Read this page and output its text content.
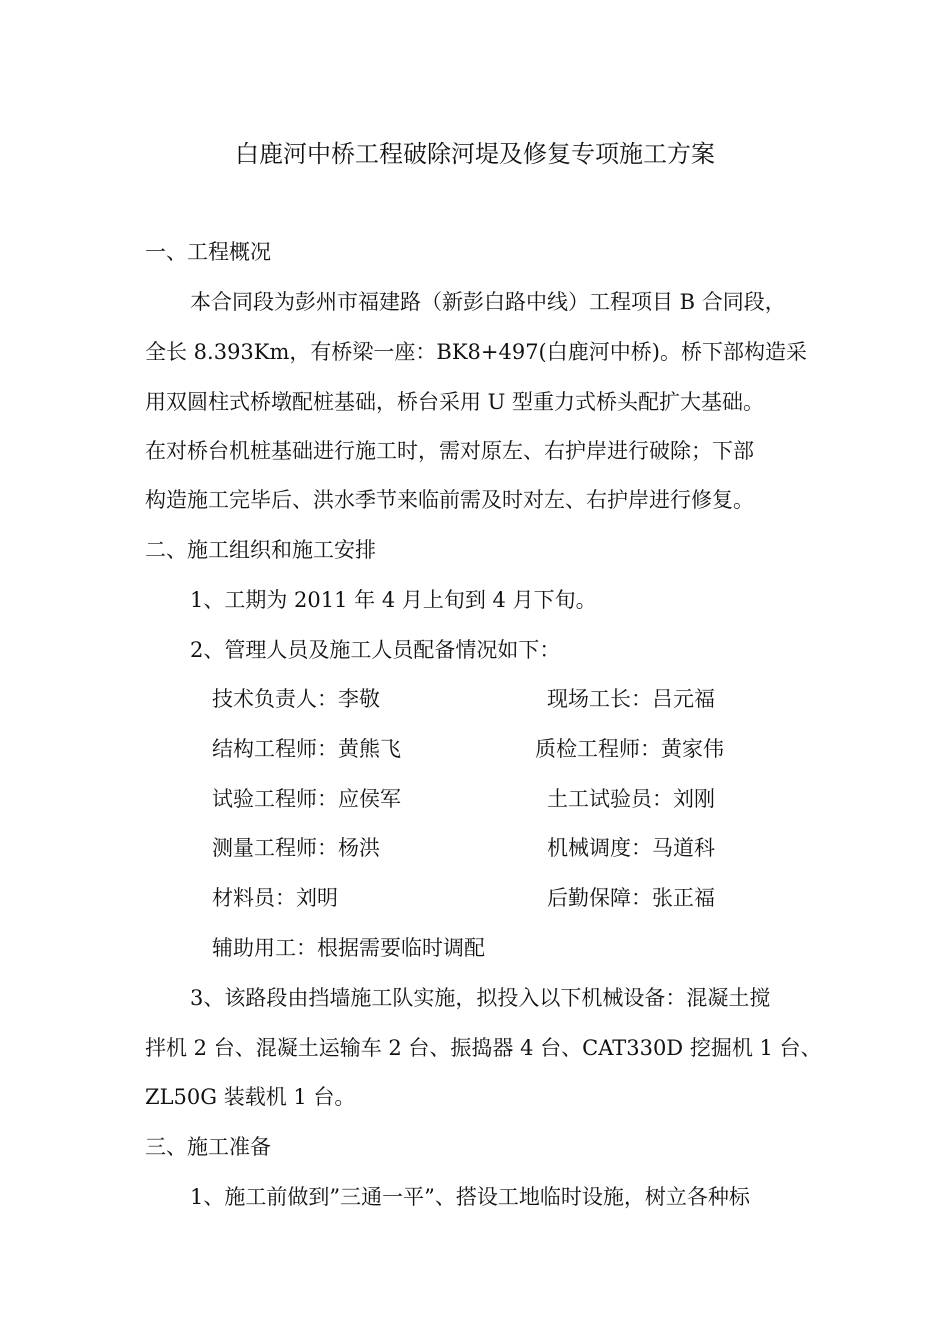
白鹿河中桥工程破除河堤及修复专项施工方案
一、工程概况
本合同段为彭州市福建路（新彭白路中线）工程项目 B 合同段，
全长 8.393Km，有桥梁一座：BK8+497(白鹿河中桥)。桥下部构造采
用双圆柱式桥墩配桩基础，桥台采用 U 型重力式桥头配扩大基础。
在对桥台机桩基础进行施工时，需对原左、右护岸进行破除；下部
构造施工完毕后、洪水季节来临前需及时对左、右护岸进行修复。
二、施工组织和施工安排
1、工期为 2011 年 4 月上旬到 4 月下旬。
2、管理人员及施工人员配备情况如下：
技术负责人：李敬	现场工长：吕元福
结构工程师：黄熊飞	质检工程师：黄家伟
试验工程师：应侯军	土工试验员：刘刚
测量工程师：杨洪	机械调度：马道科
材料员：刘明	后勤保障：张正福
辅助用工：根据需要临时调配
3、该路段由挡墙施工队实施，拟投入以下机械设备：混凝土搅
拌机 2 台、混凝土运输车 2 台、振捣器 4 台、CAT330D 挖掘机 1 台、
ZL50G 装载机 1 台。
三、施工准备
1、施工前做到”三通一平”、搭设工地临时设施，树立各种标
